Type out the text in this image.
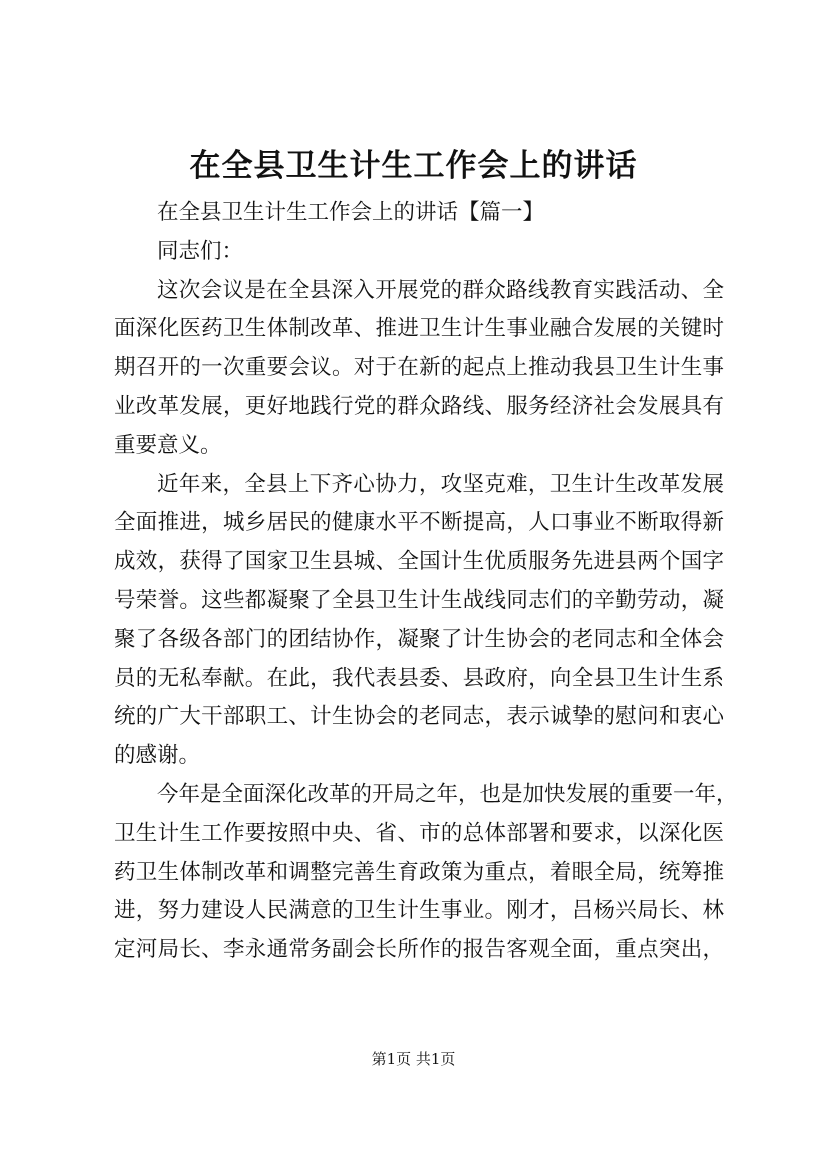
在全县卫生计生工作会上的讲话
在全县卫生计生工作会上的讲话【篇一】
同志们：
这次会议是在全县深入开展党的群众路线教育实践活动、全
面深化医药卫生体制改革、推进卫生计生事业融合发展的关键时
期召开的一次重要会议。对于在新的起点上推动我县卫生计生事
业改革发展，更好地践行党的群众路线、服务经济社会发展具有
重要意义。
近年来，全县上下齐心协力，攻坚克难，卫生计生改革发展
全面推进，城乡居民的健康水平不断提高，人口事业不断取得新
成效，获得了国家卫生县城、全国计生优质服务先进县两个国字
号荣誉。这些都凝聚了全县卫生计生战线同志们的辛勤劳动，凝
聚了各级各部门的团结协作，凝聚了计生协会的老同志和全体会
员的无私奉献。在此，我代表县委、县政府，向全县卫生计生系
统的广大干部职工、计生协会的老同志，表示诚挚的慰问和衷心
的感谢。
今年是全面深化改革的开局之年，也是加快发展的重要一年，
卫生计生工作要按照中央、省、市的总体部署和要求，以深化医
药卫生体制改革和调整完善生育政策为重点，着眼全局，统筹推
进，努力建设人民满意的卫生计生事业。刚才，吕杨兴局长、林
定河局长、李永通常务副会长所作的报告客观全面，重点突出，
第1页 共1页
